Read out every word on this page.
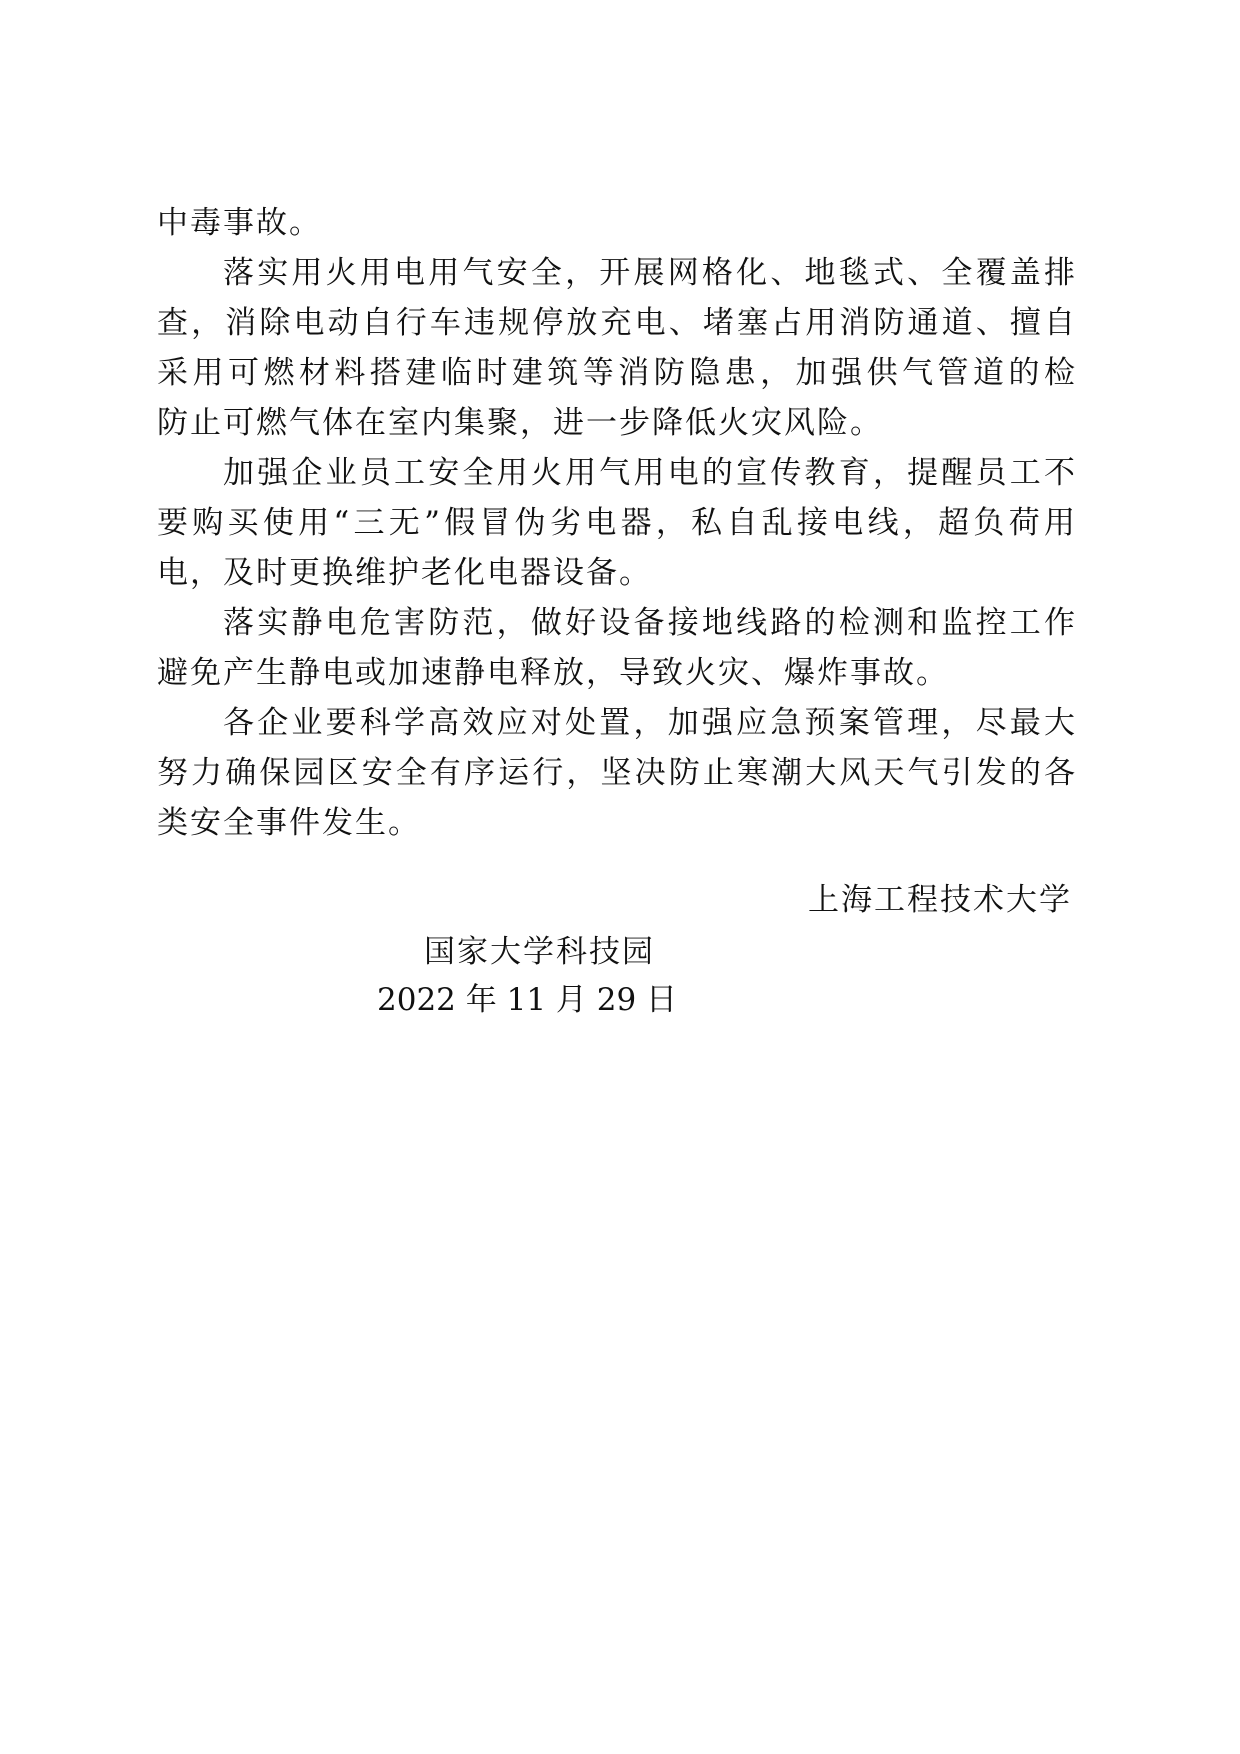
中毒事故。
落实用火用电用气安全，开展网格化、地毯式、全覆盖排
查，消除电动自行车违规停放充电、堵塞占用消防通道、擅自
采用可燃材料搭建临时建筑等消防隐患，加强供气管道的检
防止可燃气体在室内集聚，进一步降低火灾风险。
加强企业员工安全用火用气用电的宣传教育，提醒员工不
要购买使用“三无”假冒伪劣电器，私自乱接电线，超负荷用
电，及时更换维护老化电器设备。
落实静电危害防范，做好设备接地线路的检测和监控工作
避免产生静电或加速静电释放，导致火灾、爆炸事故。
各企业要科学高效应对处置，加强应急预案管理，尽最大
努力确保园区安全有序运行，坚决防止寒潮大风天气引发的各
类安全事件发生。
上海工程技术大学
国家大学科技园
2022 年 11 月 29 日
